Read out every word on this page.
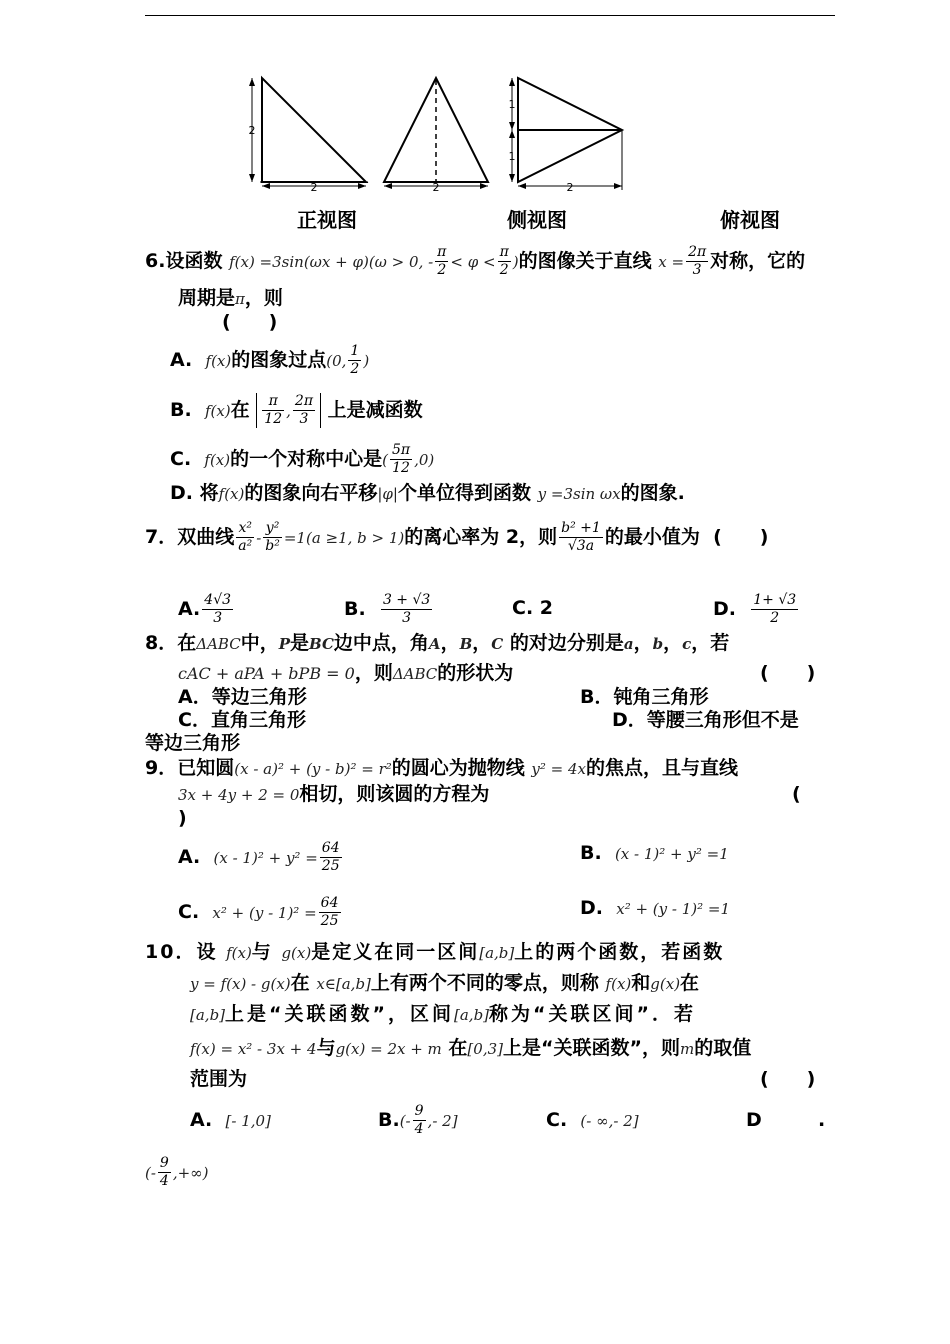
2
2	2
1
1
2
正视图	侧视图	俯视图
6.设函数 f(x) =3sin(ωx + φ)(ω > 0, - $\frac{\pi}{2} < \varphi < \frac{\pi}{2}$ )的图像关于直线 $x = \frac{2\pi}{3}$ 对称，它的
周期是π，则
(　　)
A. f(x)的图象过点(0, $\frac{1}{2}$ )
B. f(x)在 $\frac{\pi}{12}$ , $\frac{2\pi}{3}$ 上是减函数
C. f(x)的一个对称中心是( $\frac{5\pi}{12} ,0$)
D. 将f(x)的图象向右平移|φ|个单位得到函数 y =3sin ωx的图象.
7．双曲线 $\frac{\text{x²}}{\text{a²}} - \frac{\text{y²}}{\text{b²}} =1(a \ge 1$, b > 1)的离心率为 2，则 $\frac{\text{b² +1}}{√3a}$ 的最小值为 (　　)
A. $\frac{4√3}{3}$	B. $\frac{3 + √3}{3}$	C. 2	D. $\frac{1+ √3}{2}$
8．在ΔABC中，P是BC边中点，角A，B，C 的对边分别是a，b，c，若
cAC + aPA + bPB = 0，则ΔABC的形状为	(　　)
A．等边三角形	B．钝角三角形
C．直角三角形	D．等腰三角形但不是
等边三角形
9．已知圆(x - a)² + (y - b)² = r²的圆心为抛物线 y² = 4x的焦点，且与直线
3x + 4y + 2 = 0相切，则该圆的方程为	(
)
A. $(x - 1)^2 + y^2 = \frac{64}{25}$	B. (x - 1)² + y² =1
C. $x^2 + (y - 1)^2 = \frac{64}{25}$	D. x² + (y - 1)² =1
10．设 f(x)与 g(x)是定义在同一区间[a,b]上的两个函数，若函数
y = f(x) - g(x)在 x∈[a,b]上有两个不同的零点，则称 f(x)和g(x)在
[a,b]上是“关联函数”，区间[a,b]称为“关联区间”．若
f(x) = x² - 3x + 4与g(x) = 2x + m 在[0,3]上是“关联函数”，则m的取值
范围为	(　　)
A. [- 1,0]	$B.(- \frac{9}{4}$ ,- 2]	C. (- ∞,- 2]	D	.
(- $\frac{9}{4}$ ,+∞)
